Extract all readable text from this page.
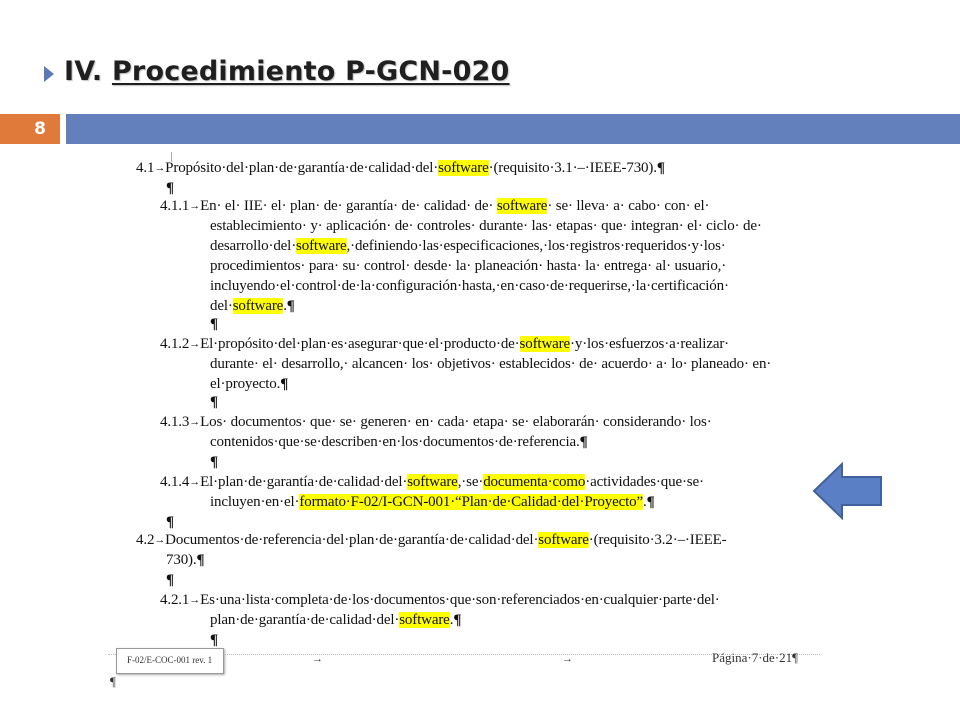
IV. Procedimiento P-GCN-020
8
4.1→Propósito·del·plan·de·garantía·de·calidad·del·software·(requisito·3.1·–·IEEE-730).¶
¶
4.1.1→En· el· IIE· el· plan· de· garantía· de· calidad· de· software· se· lleva· a· cabo· con· el·
establecimiento· y· aplicación· de· controles· durante· las· etapas· que· integran· el· ciclo· de·
desarrollo·del·software,·definiendo·las·especificaciones,·los·registros·requeridos·y·los·
procedimientos· para· su· control· desde· la· planeación· hasta· la· entrega· al· usuario,·
incluyendo·el·control·de·la·configuración·hasta,·en·caso·de·requerirse,·la·certificación·
del·software.¶
¶
4.1.2→El·propósito·del·plan·es·asegurar·que·el·producto·de·software·y·los·esfuerzos·a·realizar·
durante· el· desarrollo,· alcancen· los· objetivos· establecidos· de· acuerdo· a· lo· planeado· en·
el·proyecto.¶
¶
4.1.3→Los· documentos· que· se· generen· en· cada· etapa· se· elaborarán· considerando· los·
contenidos·que·se·describen·en·los·documentos·de·referencia.¶
¶
4.1.4→El·plan·de·garantía·de·calidad·del·software,·se·documenta·como·actividades·que·se·
incluyen·en·el·formato·F-02/I-GCN-001·“Plan·de·Calidad·del·Proyecto”.¶
¶
4.2→Documentos·de·referencia·del·plan·de·garantía·de·calidad·del·software·(requisito·3.2·–·IEEE-
730).¶
¶
4.2.1→Es·una·lista·completa·de·los·documentos·que·son·referenciados·en·cualquier·parte·del·
plan·de·garantía·de·calidad·del·software.¶
¶
F-02/E-COC-001 rev. 1	→	→	Página·7·de·21¶
¶
